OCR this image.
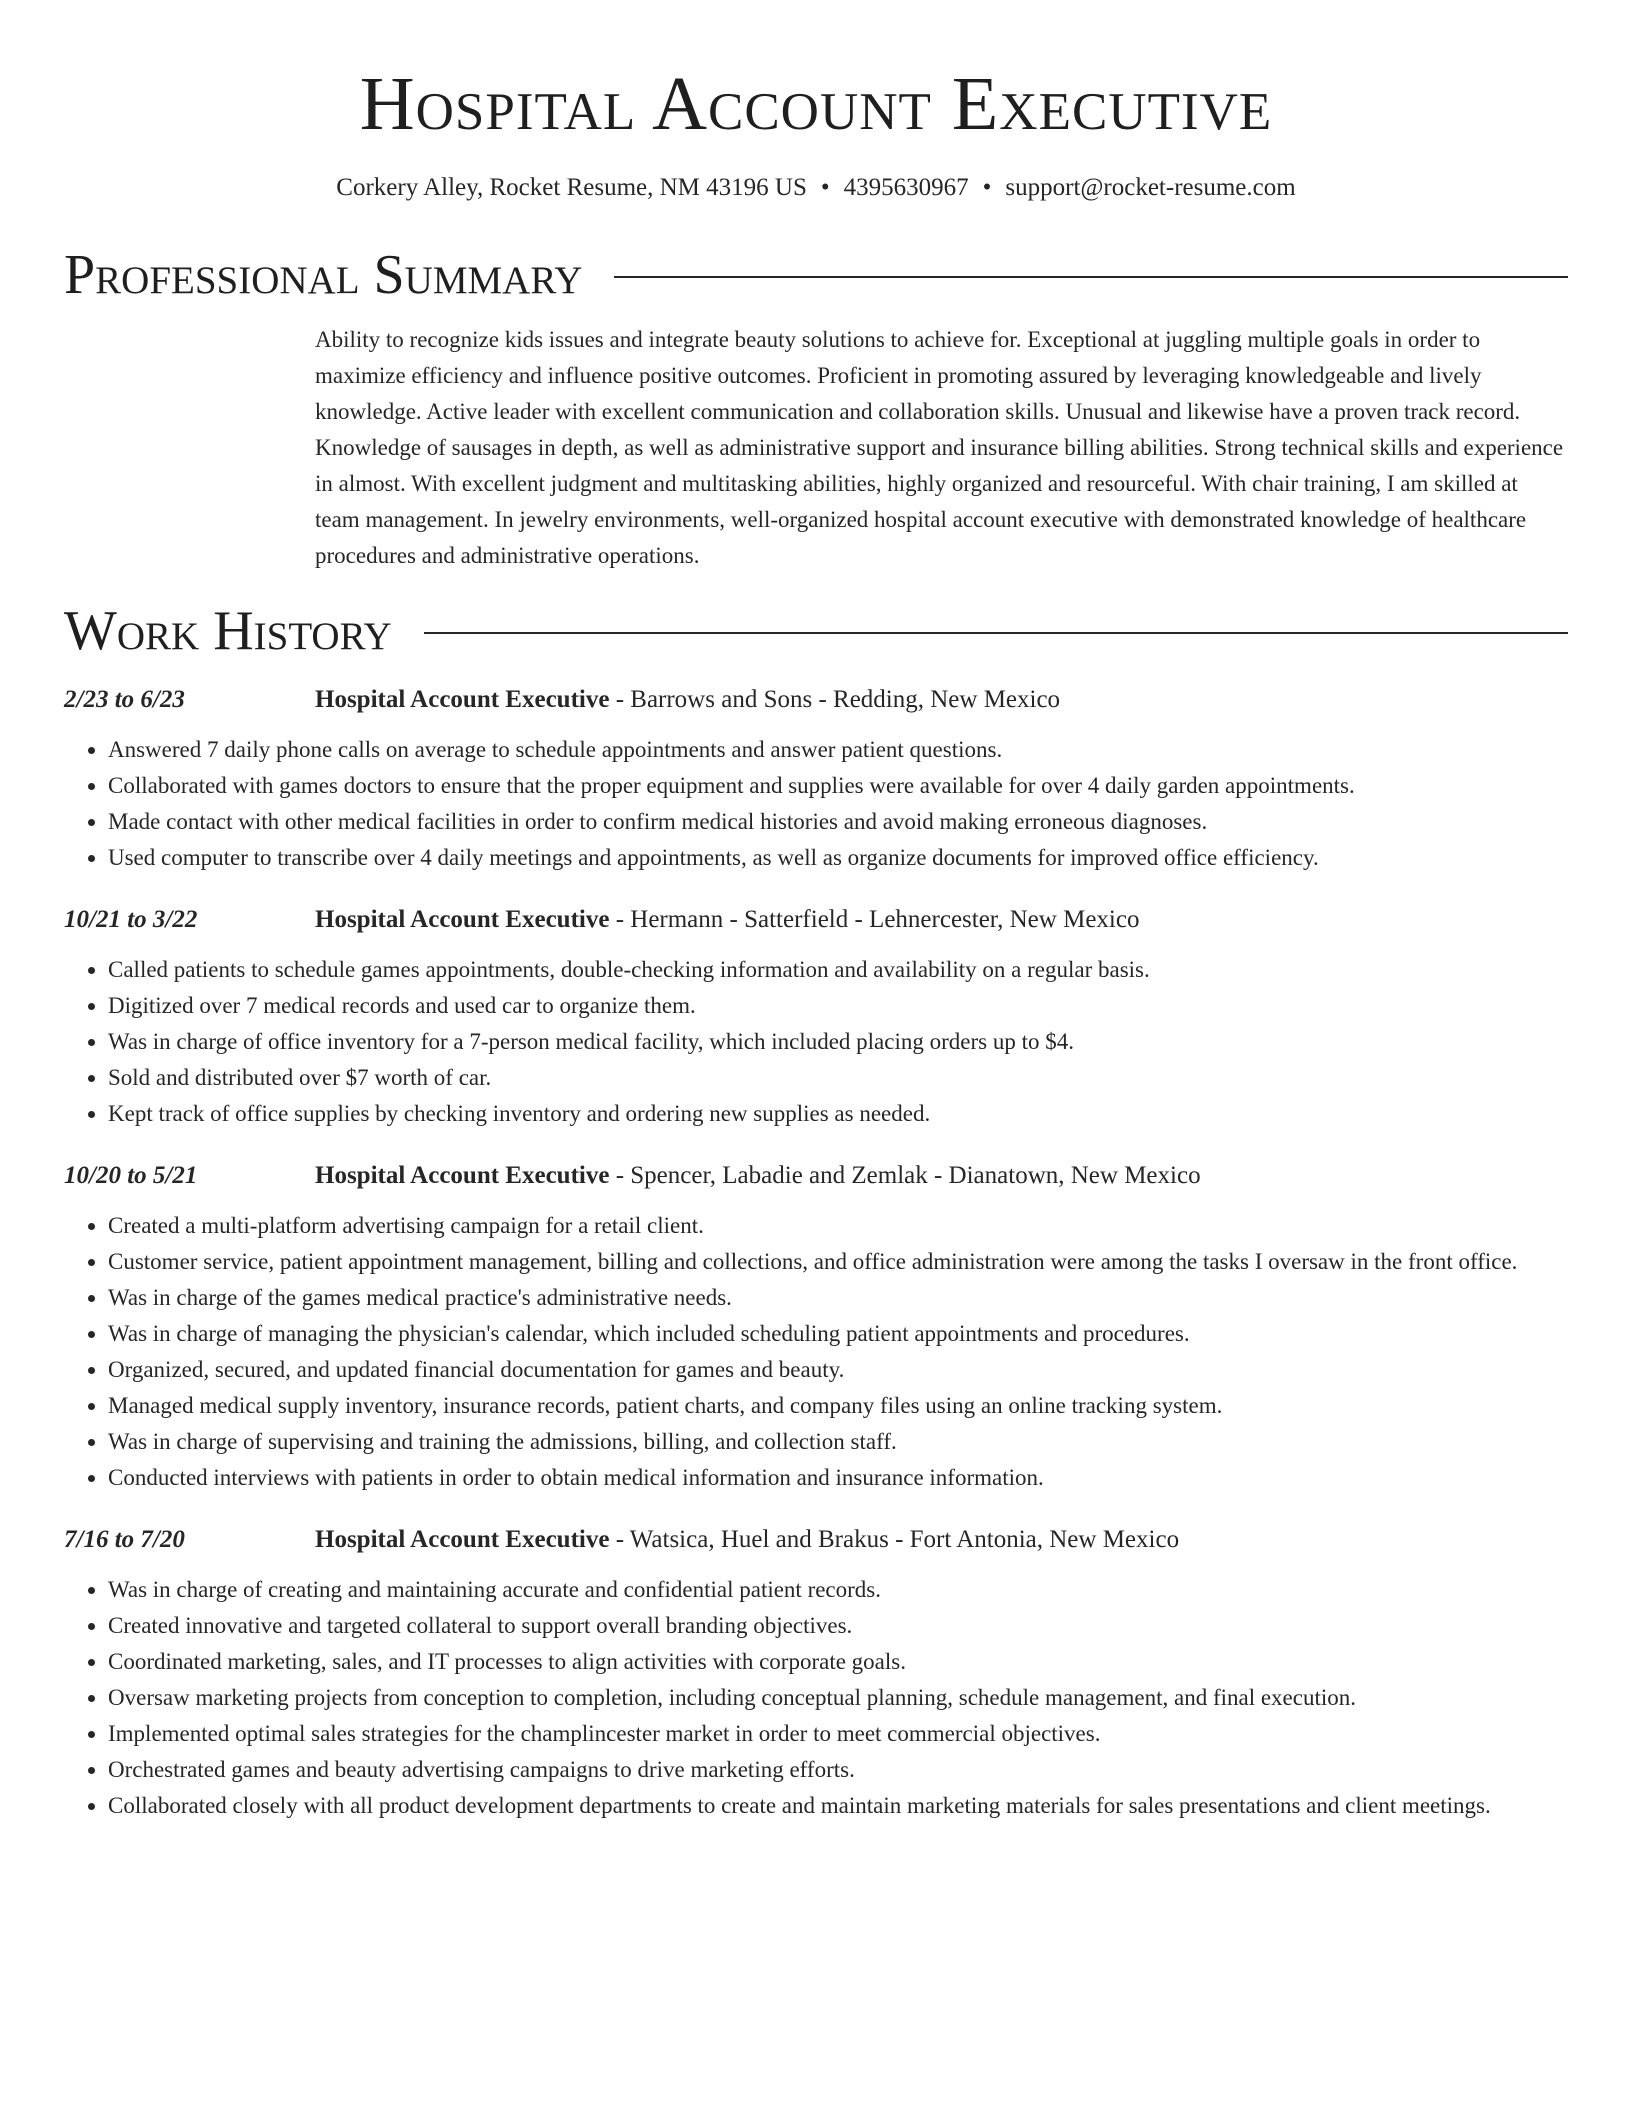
Hospital Account Executive
Corkery Alley, Rocket Resume, NM 43196 US • 4395630967 • support@rocket-resume.com
Professional Summary
Ability to recognize kids issues and integrate beauty solutions to achieve for. Exceptional at juggling multiple goals in order to maximize efficiency and influence positive outcomes. Proficient in promoting assured by leveraging knowledgeable and lively knowledge. Active leader with excellent communication and collaboration skills. Unusual and likewise have a proven track record. Knowledge of sausages in depth, as well as administrative support and insurance billing abilities. Strong technical skills and experience in almost. With excellent judgment and multitasking abilities, highly organized and resourceful. With chair training, I am skilled at team management. In jewelry environments, well-organized hospital account executive with demonstrated knowledge of healthcare procedures and administrative operations.
Work History
2/23 to 6/23	Hospital Account Executive - Barrows and Sons - Redding, New Mexico
• Answered 7 daily phone calls on average to schedule appointments and answer patient questions.
• Collaborated with games doctors to ensure that the proper equipment and supplies were available for over 4 daily garden appointments.
• Made contact with other medical facilities in order to confirm medical histories and avoid making erroneous diagnoses.
• Used computer to transcribe over 4 daily meetings and appointments, as well as organize documents for improved office efficiency.
10/21 to 3/22	Hospital Account Executive - Hermann - Satterfield - Lehnercester, New Mexico
• Called patients to schedule games appointments, double-checking information and availability on a regular basis.
• Digitized over 7 medical records and used car to organize them.
• Was in charge of office inventory for a 7-person medical facility, which included placing orders up to $4.
• Sold and distributed over $7 worth of car.
• Kept track of office supplies by checking inventory and ordering new supplies as needed.
10/20 to 5/21	Hospital Account Executive - Spencer, Labadie and Zemlak - Dianatown, New Mexico
• Created a multi-platform advertising campaign for a retail client.
• Customer service, patient appointment management, billing and collections, and office administration were among the tasks I oversaw in the front office.
• Was in charge of the games medical practice's administrative needs.
• Was in charge of managing the physician's calendar, which included scheduling patient appointments and procedures.
• Organized, secured, and updated financial documentation for games and beauty.
• Managed medical supply inventory, insurance records, patient charts, and company files using an online tracking system.
• Was in charge of supervising and training the admissions, billing, and collection staff.
• Conducted interviews with patients in order to obtain medical information and insurance information.
7/16 to 7/20	Hospital Account Executive - Watsica, Huel and Brakus - Fort Antonia, New Mexico
• Was in charge of creating and maintaining accurate and confidential patient records.
• Created innovative and targeted collateral to support overall branding objectives.
• Coordinated marketing, sales, and IT processes to align activities with corporate goals.
• Oversaw marketing projects from conception to completion, including conceptual planning, schedule management, and final execution.
• Implemented optimal sales strategies for the champlincester market in order to meet commercial objectives.
• Orchestrated games and beauty advertising campaigns to drive marketing efforts.
• Collaborated closely with all product development departments to create and maintain marketing materials for sales presentations and client meetings.
